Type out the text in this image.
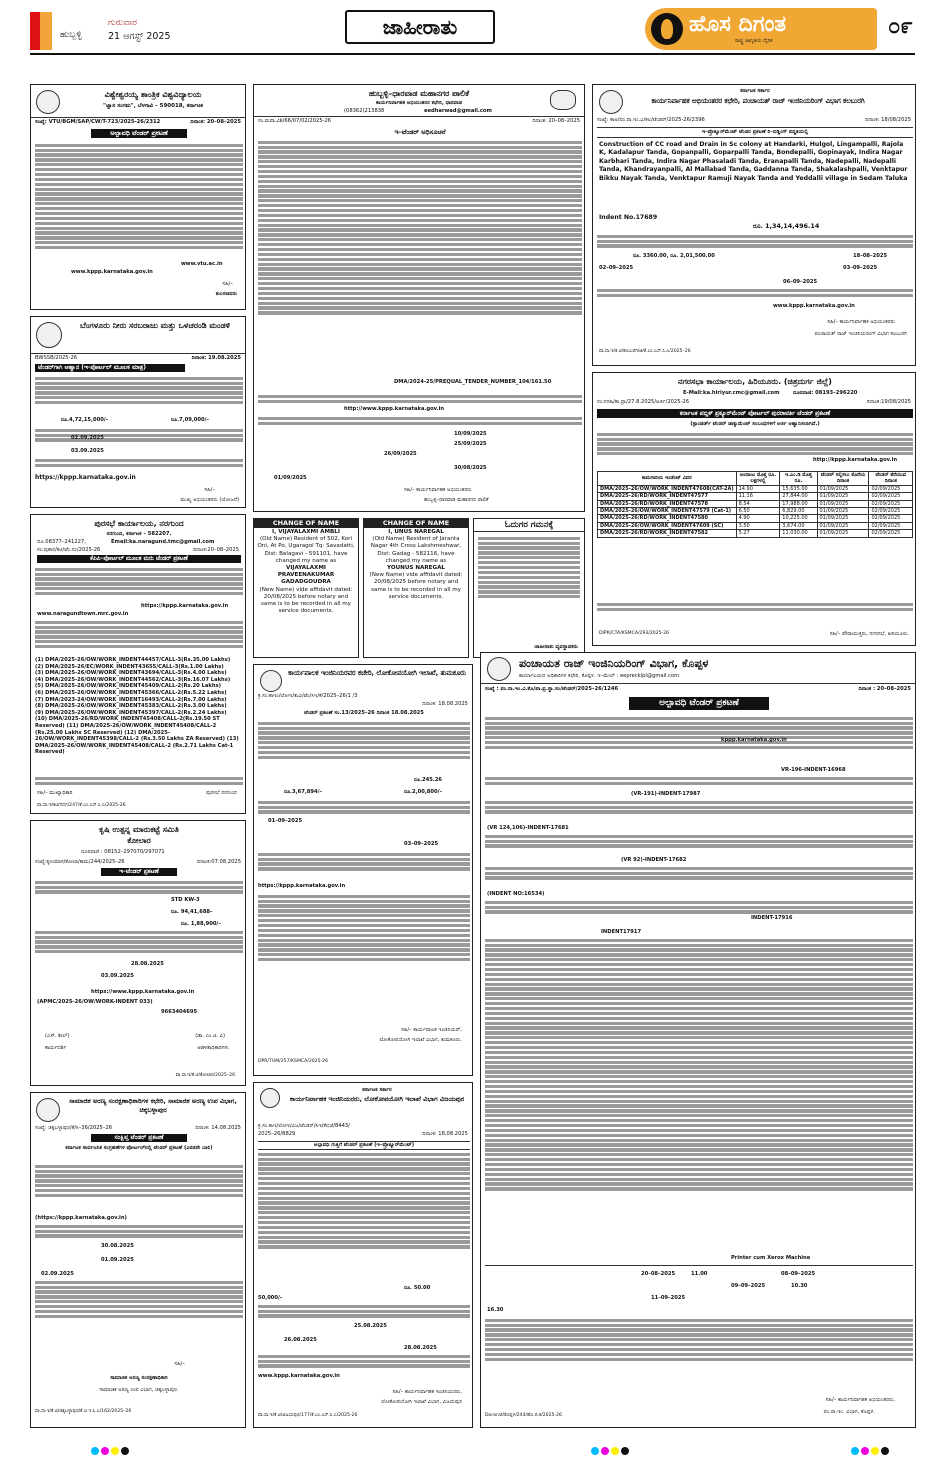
ಹುಬ್ಬಳ್ಳಿ
ಗುರುವಾರ
21 ಆಗಸ್ಟ್ 2025	ಜಾಹೀರಾತು	ಹೊಸ ದಿಗಂತ
ರಾಷ್ಟ್ರ ಜಾಗೃತಿಯ ದೈನಿಕ
೦೯
ವಿಶ್ವೇಶ್ವರಯ್ಯ ತಾಂತ್ರಿಕ ವಿಶ್ವವಿದ್ಯಾಲಯ
"ಜ್ಞಾನ ಸಂಗಮ", ಬೆಳಗಾವಿ – 590018, ಕರ್ನಾಟಕ
ಸಂಖ್ಯೆ: VTU/BGM/SAP/CW/T-723/2025-26/2312	ದಿನಾಂಕ: 20–08–2025
ಅಲ್ಪಾವಧಿ ಟೆಂಡರ್ ಪ್ರಕಟಣೆ
www.vtu.ac.in
www.kppp.karnataka.gov.in
ಸಹಿ/–
ಕುಲಸಚಿವರು
ಬೆಂಗಳೂರು ನೀರು ಸರಬರಾಜು ಮತ್ತು ಒಳಚರಂಡಿ ಮಂಡಳಿ
BWSSB/2025-26	ದಿನಾಂಕ: 19.08.2025
ಟೆಂಡರ್‌ಗಾಗಿ ಆಹ್ವಾನ (ಇ-ಪೋರ್ಟಲ್ ಮೂಲಕ ಮಾತ್ರ)
ರೂ.4,72,15,000/–	ರೂ.7,09,000/–
02.09.2025
03.09.2025
https://kppp.karnataka.gov.in
ಸಹಿ/–
ಮುಖ್ಯ ಅಭಿಯಂತರರು (ಯೋಜನೆ)
ಪುರಸಭೆ ಕಾರ್ಯಾಲಯ, ನರಗುಂದ
ನರಗುಂದ, ಕರ್ನಾಟಕ – 582207.
ದೂ.08377–241227,	Email:ka.naragund.tmc@gmail.com
ಸಂ:ಪುಕಾನ/ಕಟಿ/ಟೆಂ.ಸಂ/2025-26	ದಿನಾಂಕ:20–08–2025
ಕೆಪಿಪಿ–ಪೋರ್ಟಲ್ ಮೂಲಕ ಮರು ಟೆಂಡರ್ ಪ್ರಕಟಣೆ
https://kppp.karnataka.gov.in
www.naragundtown.mrc.gov.in
(1) DMA/2025-26/OW/WORK_INDENT44457/CALL-3(Rs.35.00 Lakhs)
(2) DMA/2025-26/EC/WORK_INDENT43655/CALL-3(Rs.1.00 Lakhs)
(3) DMA/2025-26/OW/WORK_INDENT43694/CALL-3(Rs.4.00 Lakhs)
(4) DMA/2025-26/OW/WORK_INDENT44562/CALL-3(Rs.16.07 Lakhs)
(5) DMA/2025-26/OW/WORK_INDENT45409/CALL-2(Rs.20 Lakhs)
(6) DMA/2025-26/OW/WORK_INDENT45366/CALL-2(Rs.5.22 Lakhs)
(7) DMA/2023-24/OW/WORK_INDENT16493/CALL-2(Rs.7.00 Lakhs)
(8) DMA/2025-26/OW/WORK_INDENT45383/CALL-2(Rs.3.00 Lakhs)
(9) DMA/2025-26/OW/WORK_INDENT45397/CALL-2(Rs.2.24 Lakhs)
(10) DMA/2025-26/RD/WORK_INDENT45408/CALL-2(Rs.19.50 ST Reserved) (11) DMA/2025-26/OW/WORK_INDENT45408/CALL-2 (Rs.25.00 Lakhs SC Reserved) (12) DMA/2025-26/OW/WORK_INDENT45398/CALL-2 (Rs.3.50 Lakhs ZA Reserved) (13) DMA/2025-26/OW/WORK_INDENT45408/CALL-2 (Rs.2.71 Lakhs Cat-1 Reserved)
ಸಹಿ/– ಮುಖ್ಯಾಧಿಕಾರಿ	ಪುರಸಭೆ ನರಗುಂದ
ವಾ.ಸಾ.ಇ/ಕಟಿ/ಗದಗ/247/ಕೆ.ಎಂ.ಎಸ್.ಸಿ.ಎ/2025-26
ಕೃಷಿ ಉತ್ಪನ್ನ ಮಾರುಕಟ್ಟೆ ಸಮಿತಿ
ಕೋಲಾರ
ದೂರವಾಣಿ : 08152–297070/297071
ಸಂಖ್ಯೆ:ಕೃಉಮಾಸ/ಕೋಲಾ/ಕಾಮ/244/2025–26	ದಿನಾಂಕ:07.08.2025
ಇ–ಟೆಂಡರ್ ಪ್ರಕಟಣೆ
STD KW-3
ರೂ. 94,41,688–
ರೂ. 1,88,900/–
28.08.2025
03.09.2025
https://www.kppp.karnataka.gov.in
(APMC/2025-26/OW/WORK-INDENT 033)
9663404695
(ಎಸ್. ಶೀಲ್)	(ಡಾ. ಎಂ.ಟಿ. ವಿ)
ಕಾರ್ಯದರ್ಶಿ	ಆಡಳಿತಾಧಿಕಾರಿಗಳು
ವಾ.ಸಾ.ಇ/ಕೆ.ಟಿ/ಕೋಲಾರ/2025–26
ಸಾಮಾಜಿಕ ಅರಣ್ಯ ಸಂರಕ್ಷಣಾಧಿಕಾರಿಗಳ ಕಛೇರಿ, ಸಾಮಾಜಿಕ ಅರಣ್ಯ ಉಪ ವಿಭಾಗ, ಚಿಕ್ಕಬಳ್ಳಾಪುರ
ಸಂಖ್ಯೆ: ಚಿಕ್ಕಬಳ್ಳಾಪುರ/ಕೆ/ಸಿ–36/2025–26	ದಿನಾಂಕ: 14.08.2025
ಸಂಕ್ಷಿಪ್ತ ಟೆಂಡರ್ ಪ್ರಕಟಣೆ
ಕರ್ನಾಟಕ ಸಾರ್ವಜನಿಕ ಸಂಗ್ರಹಣೆಗಳ ಪೋರ್ಟಲ್‌ನಲ್ಲಿ ಟೆಂಡರ್ ಪ್ರಕಟಣೆ (ಎರಡನೇ ಬಾರಿ)
(https://kppp.karnataka.gov.in)
30.08.2025
01.09.2025
02.09.2025
ಸಹಿ/–
ಸಾಮಾಜಿಕ ಅರಣ್ಯ ಸಂರಕ್ಷಣಾಧಿಕಾರಿ
ಸಾಮಾಜಿಕ ಅರಣ್ಯ ಉಪ ವಿಭಾಗ, ಚಿಕ್ಕಬಳ್ಳಾಪುರ.
ವಾ.ಸಾ.ಇ/ಕೆ.ಟಿ/ಚಿಕ್ಕಬಳ್ಳಾಪುರ/ಕೆ.ಟಿ.ಇ.ಸಿ.ಎ/162/2025–26
ಹುಬ್ಬಳ್ಳಿ–ಧಾರವಾಡ ಮಹಾನಗರ ಪಾಲಿಕೆ
ಕಾರ್ಯನಿರ್ವಾಹಕ ಅಭಿಯಂತರರ ಕಛೇರಿ, ಧಾರವಾಡ
(08362)213838	eedharwad@gmail.com
ಸಂ.ಮಪಾ.ವಿಶಿ/66/07/02/2025-26	ದಿನಾಂಕ: 20–08–2025
ಇ–ಟೆಂಡರ್ ಅಧಿಸೂಚನೆ
DMA/2024-25/PREQUAL_TENDER_NUMBER_104/161.50
http://www.kppp.karnataka.gov.in
10/09/2025
25/09/2025
26/09/2025
30/08/2025
01/09/2025
ಸಹಿ/– ಕಾರ್ಯನಿರ್ವಾಹಕ ಅಭಿಯಂತರರು
ಹುಬ್ಬಳ್ಳಿ–ಧಾರವಾಡ ಮಹಾನಗರ ಪಾಲಿಕೆ
CHANGE OF NAME
I, VIJAYALAXMI AMBLI
(Old Name) Resident of 502, Kori Oni, At Po, Ugaragol Tq: Savadatti, Dist: Belagavi - 591101, have changed my name as
VIJAYALAXMI PRAVEENAKUMAR GADADGOUDRA
(New Name) vide affidavit dated: 20/08/2025 before notary and same is to be recorded in all my service documents.
CHANGE OF NAME
I, UNUS NAREGAL
(Old Name) Resident of Jaranta Nagar 4th Cross Lakshmeshwar, Dist: Gadag - 582116, have changed my name as
YOUNUS NAREGAL
(New Name) vide affidavit dated: 20/08/2025 before notary and same is to be recorded in all my service documents.
ಓದುಗರ ಗಮನಕ್ಕೆ
ಜಾಹೀರಾತು ವ್ಯವಸ್ಥಾಪಕರು
ಕಾರ್ಯಪಾಲಕ ಇಂಜಿನಿಯರವರ ಕಚೇರಿ, ಲೋಕೋಪಯೋಗಿ ಇಲಾಖೆ, ತುಮಕೂರು
ಕ್ರ.ಸಂ:ಕಾಇಂ/ಲೋಇ/ತುವಿ/ಟೆಂ/ಸಿಇ/ಕೆ/2025–26/1 /3
ದಿನಾಂಕ: 18.08.2025
ಟೆಂಡರ್ ಪ್ರಕಟಣೆ ಸಂ.13/2025–26 ದಿನಾಂಕ 18.08.2025
ರೂ.245.26
ರೂ.3,67,894/–	ರೂ.2,00,800/–
01–09–2025
03–09–2025
https://kppp.karnataka.gov.in
ಸಹಿ/– ಕಾರ್ಯಪಾಲಕ ಇಂಜಿನಿಯರ್,
ಲೋಕೋಪಯೋಗಿ ಇಲಾಖೆ ವಿಭಾಗ, ತುಮಕೂರು.
DPR/TUM/257/KSMCA/2025-26
ಕರ್ನಾಟಕ ಸರ್ಕಾರ
ಕಾರ್ಯನಿರ್ವಾಹಕ ಇಂಜಿನಿಯರರು, ಲೋಕೋಪಯೋಗಿ ಇಲಾಖೆ ವಿಭಾಗ ವಿಜಯಪುರ
ಕ್ರ.ಸಂ.ಕಾಇ/ಲೋಇ/ವಿಜ/ಟೆಂಡರ್/ಸಿಇ/ಕೆಬಿಜೆ/8443/
2025–26/8829	ದಿನಾಂಕ: 18.08.2025
ಅಲ್ಪಾವಧಿ ಗುತ್ತಿಗೆ ಟೆಂಡರ್ ಪ್ರಕಟಣೆ (ಇ–ಪ್ರೊಕ್ಯೂರ್‌ಮೆಂಟ್)
ರೂ. 50.00
50,000/–
25.08.2025
26.08.2025
28.08.2025
www.kppp.karnataka.gov.in
ಸಹಿ/– ಕಾರ್ಯನಿರ್ವಾಹಕ ಇಂಜಿನಿಯರರು,
ಲೋಕೋಪಯೋಗಿ ಇಲಾಖೆ ವಿಭಾಗ, ವಿಜಯಪುರ
ವಾ.ಸಾ.ಇ/ಕೆ.ಟಿ/ವಿಜಯಪುರ/177/ಕೆ.ಎಂ.ಎಸ್.ಸಿ.ಎ/2025-26
ಕರ್ನಾಟಕ ಸರ್ಕಾರ
ಕಾರ್ಯನಿರ್ವಾಹಕ ಅಭಿಯಂತರರ ಕಛೇರಿ, ಪಂಚಾಯತ್ ರಾಜ್ ಇಂಜಿನಿಯರಿಂಗ್ ವಿಭಾಗ ಕಲಬುರಗಿ
ಸಂಖ್ಯೆ: ಕಾಅ/ಪಂ.ರಾ.ಇಂ.ವಿ/ಕಲ/ಟೆಂಡರ್/2025-26/2396	ದಿನಾಂಕ: 18/08/2025
ಇ–ಪ್ರೊಕ್ಯೂರ್‌ಮೆಂಟ್ ಟೆಂಡರ ಪ್ರಕಟಣೆ ರಿ–ಬಿಡ್ಡಿಂಗ್ ಪದ್ಧತಿಯಲ್ಲಿ
Construction of CC road and Drain in Sc colony at Handarki, Hulgol, Lingampalli, Rajola K, Kadalapur Tanda, Gopanpalli, Goparpalli Tanda, Bondepalli, Gopinayak, Indira Nagar Karbhari Tanda, Indira Nagar Phasaladi Tanda, Eranapalli Tanda, Nadepalli, Nadepalli Tanda, Khandrayanpalli, Al Mallabad Tanda, Gaddanna Tanda, Shakalashpalli, Venktapur Bikku Nayak Tanda, Venktapur Ramuji Nayak Tanda and Yeddalli village in Sedam Taluka
Indent No.17689
ರೂ. 1,34,14,496.14
ರೂ. 3360.00, ರೂ. 2,01,500.00	18–08–2025
02–09–2025	03–09–2025
06–09–2025
www.kppp.karnataka.gov.in
ಸಹಿ/– ಕಾರ್ಯನಿರ್ವಾಹಕ ಅಭಿಯಂತರರು
ಪಂಚಾಯತ್ ರಾಜ್ ಇಂಜಿನಿಯರಿಂಗ್ ವಿಭಾಗ ಕಲಬುರಗಿ
ವಾ.ಸಾ.ಇ/ಕ.ಟಿ/ಕಲಬುರಗಿ/ಜಿ/ಕೆ.ಎಂ.ಎಸ್.ಸಿ.ಎ/2025–26
ನಗರಸಭಾ ಕಾರ್ಯಾಲಯ, ಹಿರಿಯೂರು. (ಚಿತ್ರದುರ್ಗ ಜಿಲ್ಲೆ)
E-Mail:ka.hiriyur.cmc@gmail.com	ದೂರವಾಣಿ: 08193–296220
ನಂ:ನಸಹಿ/ಕಾ.ಪ್ರಾ/27.8.2025/ಅರ್ಜಿ/2025-26	ದಿನಾಂಕ:19/08/2025
ಕರ್ನಾಟಕ ಪಬ್ಲಿಕ್ ಪ್ರಕ್ಯೂರ್‌ಮೆಂಟ್ ಪೋರ್ಟಲ್ ಪುನರಾವರ್ತಿ ಟೆಂಡರ್ ಪ್ರಕಟಣೆ
(ಸ್ಟಾಂಡರ್ಡ್ ಟೆಂಡರ್ ಡಾಕ್ಯುಮೆಂಟ್ ಸಂಬಂಧಗಳಿಗೆ ಅರ್ಜಿ ಆಹ್ವಾನಿಸಲಾಗಿದೆ.)
http://kppp.karnataka.gov.in
ಕಾಮಗಾರಿಯ ಇಂಡೆಂಟ್ ವಿವರ	ಅಂದಾಜು ಮೊತ್ತ ರೂ. ಲಕ್ಷಗಳಲ್ಲಿ	ಇ.ಎಂ.ಡಿ ಮೊತ್ತ ರೂ.	ಟೆಂಡರ್ ಸಲ್ಲಿಸಲು ಕೊನೆಯ ದಿನಾಂಕ	ಟೆಂಡರ್ ತೆರೆಯುವ ದಿನಾಂಕ
DMA/2025-26/OW/WORK_INDENT47608(CAT-2A)	14.90	15,635.00	01/09/2025	02/09/2025
DMA/2025-26/RD/WORK_INDENT47577	11.16	27,844.00	01/09/2025	02/09/2025
DMA/2025-26/RD/WORK_INDENT47578	8.54	17,988.00	01/09/2025	02/09/2025
DMA/2025-26/OW/WORK_INDENT47579 (Cat-1)	6.50	6,829.00	01/09/2025	02/09/2025
DMA/2025-26/RD/WORK_INDENT47580	4.90	10,225.00	01/09/2025	02/09/2025
DMA/2025-26/OW/WORK_INDENT47609 (SC)	3.50	3,674.00	01/09/2025	02/09/2025
DMA/2025-26/RD/WORK_INDENT47582	5.27	11,030.00	01/09/2025	02/09/2025
DIPR/CTA/KSMCA/293/2025-26	ಸಹಿ/– ಪೌರಾಯುಕ್ತರು, ನಗರಸಭೆ, ಹಿರಿಯೂರು.
ಪಂಚಾಯತ ರಾಜ್ ಇಂಜಿನಿಯರಿಂಗ್ ವಿಭಾಗ, ಕೊಪ್ಪಳ
ಕಾರ್ಯಾಲಯದ ಅಧಿಕಾರಿಗಳ ಕಛೇರಿ, ಕೊಪ್ಪಳ. ಇ–ಮೇಲ್ : eeprecklpl@gmail.com
ಸಂಖ್ಯೆ : ಪಂ.ರಾ.ಇಂ.ವಿ.ಕೊ/ಪಾ.ಪ್ರ.ಸ್ಥಾ.ಸಂ/ಟೆಂಡರ್/2025–26/1246	ದಿನಾಂಕ : 20–08–2025
ಅಲ್ಪಾವಧಿ ಟೆಂಡರ್ ಪ್ರಕಟಣೆ
kppp.karnataka.gov.in
VR-196-INDENT-16968
(VR-191)-INDENT-17987
(VR 124,106)-INDENT-17681
(VR 92)-INDENT-17682
(INDENT NO:16534)
INDENT-17916
INDENT17917
Printer cum Xerox Machine
20–08–2025	11.00	08–09–2025
09–09–2025	10.30
11–09–2025
16.30
ಸಹಿ/– ಕಾರ್ಯನಿರ್ವಾಹಕ ಅಭಿಯಂತರರು,
ಪಂ.ರಾ.ಇಂ. ವಿಭಾಗ, ಕೊಪ್ಪಳ.
Dorarat/ಕೊಪ್ಪಳ/244/ಹೊ.ದಿ.ಕ/2025-26
